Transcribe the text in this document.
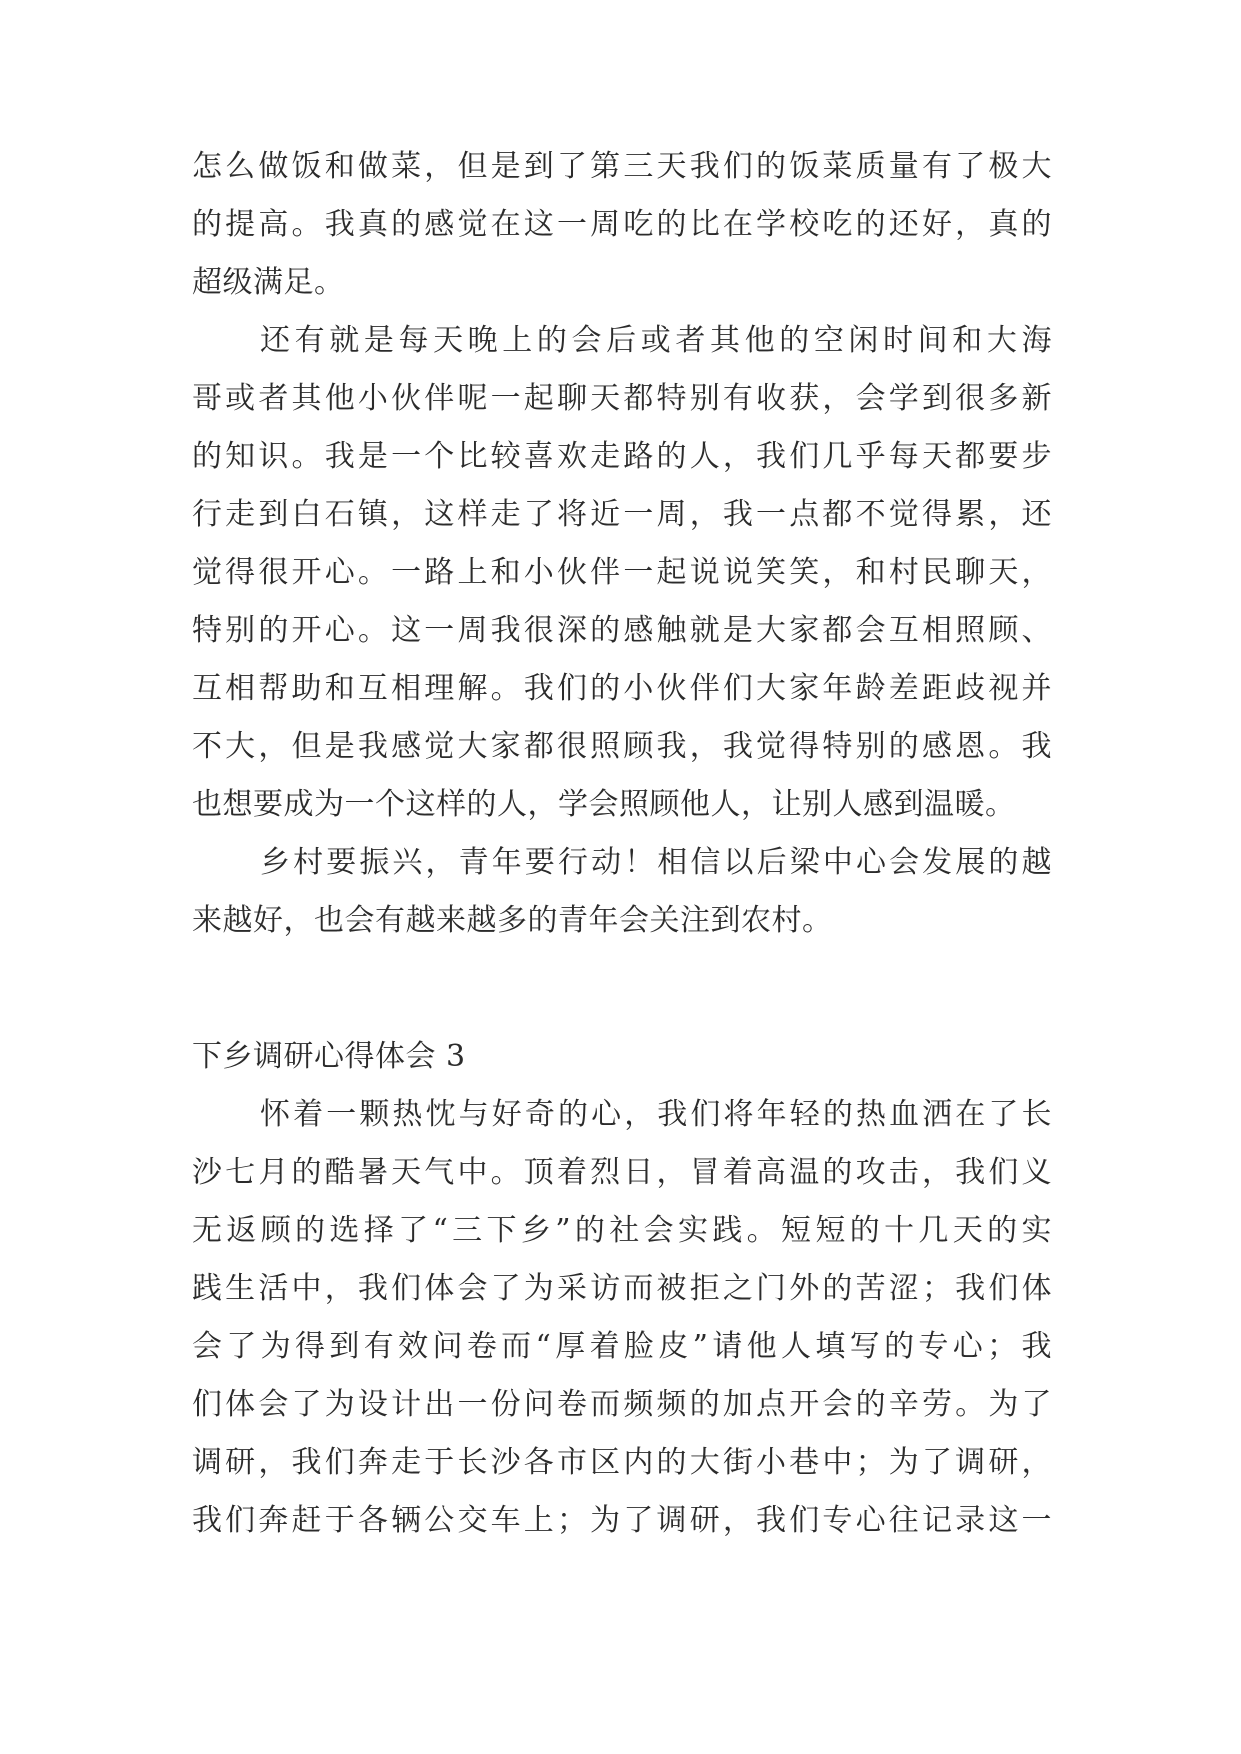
怎么做饭和做菜，但是到了第三天我们的饭菜质量有了极大
的提高。我真的感觉在这一周吃的比在学校吃的还好，真的
超级满足。
还有就是每天晚上的会后或者其他的空闲时间和大海
哥或者其他小伙伴呢一起聊天都特别有收获，会学到很多新
的知识。我是一个比较喜欢走路的人，我们几乎每天都要步
行走到白石镇，这样走了将近一周，我一点都不觉得累，还
觉得很开心。一路上和小伙伴一起说说笑笑，和村民聊天，
特别的开心。这一周我很深的感触就是大家都会互相照顾、
互相帮助和互相理解。我们的小伙伴们大家年龄差距歧视并
不大，但是我感觉大家都很照顾我，我觉得特别的感恩。我
也想要成为一个这样的人，学会照顾他人，让别人感到温暖。
乡村要振兴，青年要行动！相信以后梁中心会发展的越
来越好，也会有越来越多的青年会关注到农村。
下乡调研心得体会 3
怀着一颗热忱与好奇的心，我们将年轻的热血洒在了长
沙七月的酷暑天气中。顶着烈日，冒着高温的攻击，我们义
无返顾的选择了“三下乡”的社会实践。短短的十几天的实
践生活中，我们体会了为采访而被拒之门外的苦涩；我们体
会了为得到有效问卷而“厚着脸皮”请他人填写的专心；我
们体会了为设计出一份问卷而频频的加点开会的辛劳。为了
调研，我们奔走于长沙各市区内的大街小巷中；为了调研，
我们奔赶于各辆公交车上；为了调研，我们专心往记录这一
